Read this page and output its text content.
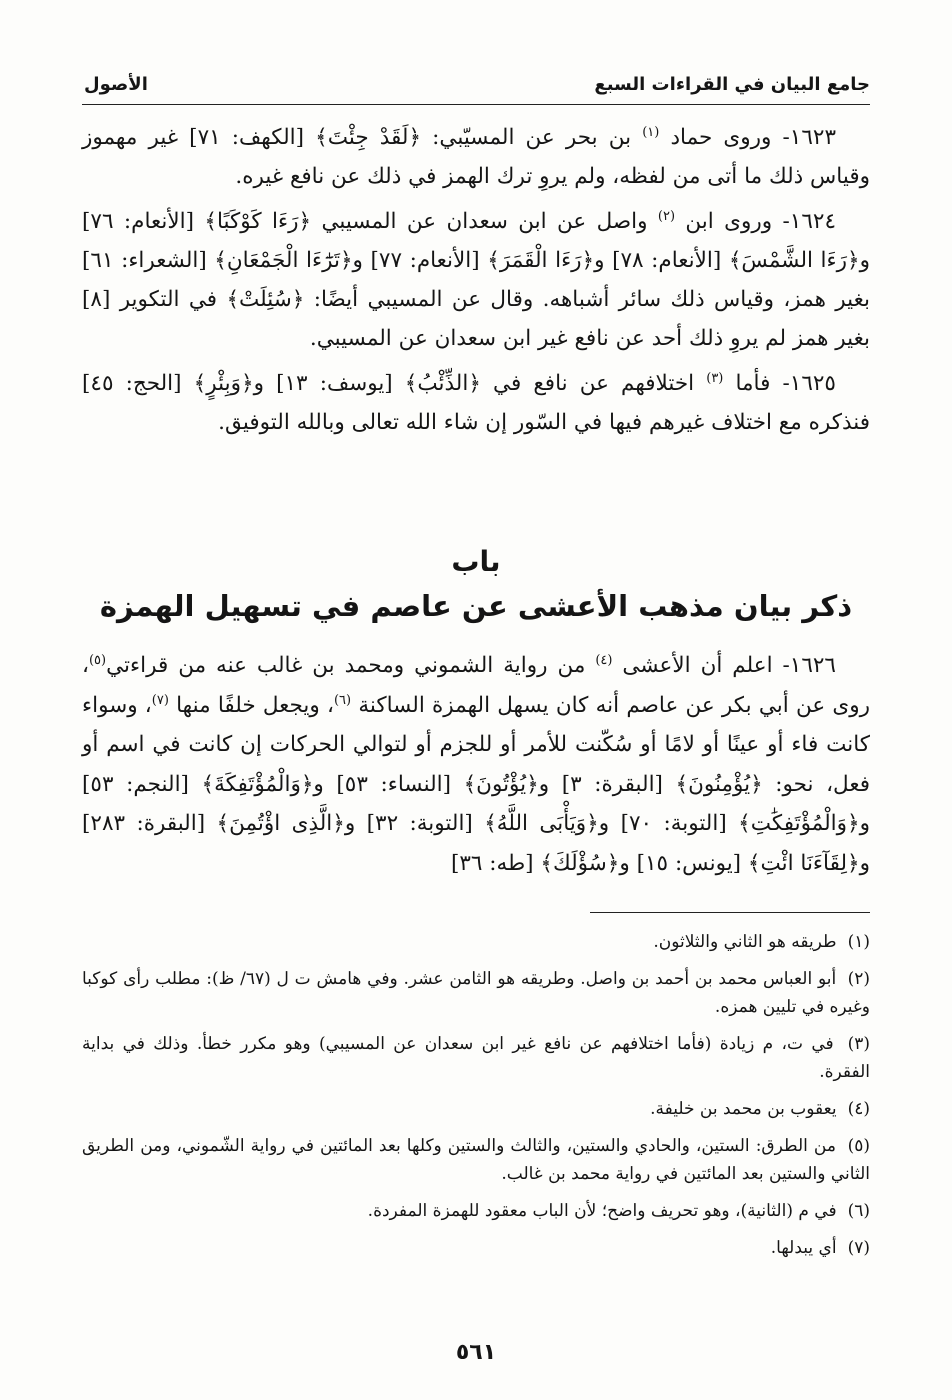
جامع البيان في القراءات السبع
الأصول

١٦٢٣- وروى حماد $^{(١)}$ بن بحر عن المسيّبي: ﴿لَقَدْ جِئْتَ﴾ [الكهف: ٧١] غير مهموز وقياس ذلك ما أتى من لفظه، ولم يروِ ترك الهمز في ذلك عن نافع غيره.

١٦٢٤- وروى ابن $^{(٢)}$ واصل عن ابن سعدان عن المسيبي ﴿رَءَا كَوْكَبًا﴾ [الأنعام: ٧٦] و﴿رَءَا الشَّمْسَ﴾ [الأنعام: ٧٨] و﴿رَءَا الْقَمَرَ﴾ [الأنعام: ٧٧] و﴿تَرَٰٓءَا الْجَمْعَانِ﴾ [الشعراء: ٦١] بغير همز، وقياس ذلك سائر أشباهه. وقال عن المسيبي أيضًا: ﴿سُئِلَتْ﴾ في التكوير [٨] بغير همز لم يروِ ذلك أحد عن نافع غير ابن سعدان عن المسيبي.

١٦٢٥- فأما $^{(٣)}$ اختلافهم عن نافع في ﴿الذِّئْبُ﴾ [يوسف: ١٣] و﴿وَبِئْرٍ﴾ [الحج: ٤٥] فنذكره مع اختلاف غيرهم فيها في السّور إن شاء الله تعالى وبالله التوفيق.

باب
ذكر بيان مذهب الأعشى عن عاصم في تسهيل الهمزة

١٦٢٦- اعلم أن الأعشى $^{(٤)}$ من رواية الشموني ومحمد بن غالب عنه من قراءتي$^{(٥)}$، روى عن أبي بكر عن عاصم أنه كان يسهل الهمزة الساكنة $^{(٦)}$، ويجعل خلفًا منها $^{(٧)}$، وسواء كانت فاء أو عينًا أو لامًا أو سُكّنت للأمر أو للجزم أو لتوالي الحركات إن كانت في اسم أو فعل، نحو: ﴿يُؤْمِنُونَ﴾ [البقرة: ٣] و﴿يُؤْتُونَ﴾ [النساء: ٥٣] و﴿وَالْمُؤْتَفِكَةَ﴾ [النجم: ٥٣] و﴿وَالْمُؤْتَفِكَٰتِ﴾ [التوبة: ٧٠] و﴿وَيَأْبَى اللَّهُ﴾ [التوبة: ٣٢] و﴿الَّذِى اؤْتُمِنَ﴾ [البقرة: ٢٨٣] و﴿لِقَآءَنَا ائْتِ﴾ [يونس: ١٥] و﴿سُؤْلَكَ﴾ [طه: ٣٦]

(١) طريقه هو الثاني والثلاثون.
(٢) أبو العباس محمد بن أحمد بن واصل. وطريقه هو الثامن عشر. وفي هامش ت ل (٦٧/ ظ): مطلب رأى كوكبا وغيره في تليين همزه.
(٣) في ت، م زيادة (فأما اختلافهم عن نافع غير ابن سعدان عن المسيبي) وهو مكرر خطأ. وذلك في بداية الفقرة.
(٤) يعقوب بن محمد بن خليفة.
(٥) من الطرق: الستين، والحادي والستين، والثالث والستين وكلها بعد المائتين في رواية الشّموني، ومن الطريق الثاني والستين بعد المائتين في رواية محمد بن غالب.
(٦) في م (الثانية)، وهو تحريف واضح؛ لأن الباب معقود للهمزة المفردة.
(٧) أي يبدلها.
٥٦١
